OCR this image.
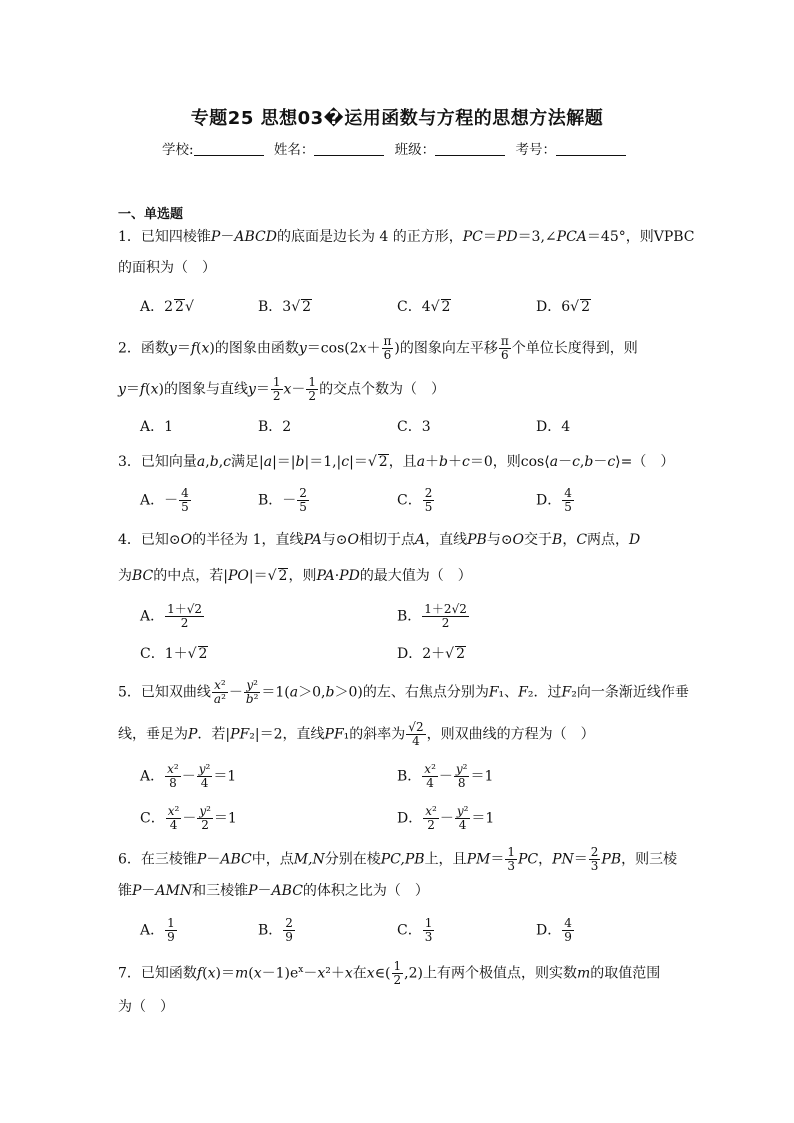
专题25 思想03�运用函数与方程的思想方法解题
学校:	姓名：	班级：	考号：
一、单选题
1．已知四棱锥P－ABCD的底面是边长为 4 的正方形，PC＝PD＝3,∠PCA＝45°，则VPBC
的面积为（　）
A．2 2√	B．3√ 2	C．4√ 2	D．6√ 2
2．函数y＝f(x)的图象由函数$y=\cos(2x+ \frac{\pi}{6}$ )的图象向左平移 $\frac{\pi}{6}$ 个单位长度得到，则
y＝f(x)的图象与直线$y= \frac{1}{2} x- \frac{1}{2}$ 的交点个数为（　）
A．1	B．2	C．3	D．4
3．已知向量a,b,c满足|a|＝|b|＝1,|c|＝√ 2，且a＋b＋c＝0，则cos⟨a－c,b－c⟩=（　）
A．－ $\frac{4}{5}$	B．－ $\frac{2}{5}$	C． $\frac{2}{5}$	D． $\frac{4}{5}$
4．已知⊙O的半径为 1，直线PA与⊙O相切于点A，直线PB与⊙O交于B，C两点，D
为BC的中点，若|PO|＝√ 2，则PA·PD的最大值为（　）
A． $\frac{1+√2}{2}$	B． $\frac{1+2√2}{2}$
C．1＋√ 2	D．2＋√ 2
5．已知双曲线 $\frac{\text{x²}}{\text{a²}} - \frac{\text{y²}}{\text{b²}} =1(a>0,b>0)$的左、右焦点分别为F₁、F₂．过F₂向一条渐近线作垂
线，垂足为P．若|PF₂|＝2，直线PF₁的斜率为 $\frac{√2}{4}$ ，则双曲线的方程为（　）
A． $\frac{\text{x²}}{8} - \frac{\text{y²}}{4} =1$	B． $\frac{\text{x²}}{4} - \frac{\text{y²}}{8} =1$
C． $\frac{\text{x²}}{4} - \frac{\text{y²}}{2} =1$	D． $\frac{\text{x²}}{2} - \frac{\text{y²}}{4} =1$
6．在三棱锥P－ABC中，点M,N分别在棱PC,PB上，且$PM= \frac{1}{3}$ PC，$PN= \frac{2}{3}$ PB，则三棱
锥P－AMN和三棱锥P－ABC的体积之比为（　）
A． $\frac{1}{9}$	B． $\frac{2}{9}$	C． $\frac{1}{3}$	D． $\frac{4}{9}$
7．已知函数$f(x)=m(x-1)e^x-x^2+x$在x∈( $\frac{1}{2} ,2$)上有两个极值点，则实数m的取值范围
为（　）
